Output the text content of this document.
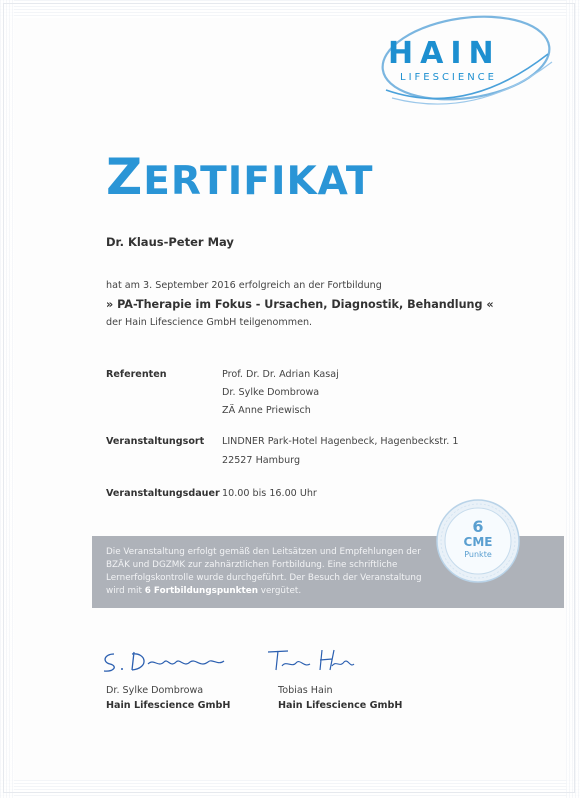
HAIN
LIFESCIENCE
ZERTIFIKAT
Dr. Klaus-Peter May
hat am 3. September 2016 erfolgreich an der Fortbildung
» PA-Therapie im Fokus - Ursachen, Diagnostik, Behandlung «
der Hain Lifescience GmbH teilgenommen.
Referenten	Prof. Dr. Dr. Adrian Kasaj
Dr. Sylke Dombrowa
ZÄ Anne Priewisch
Veranstaltungsort LINDNER Park-Hotel Hagenbeck, Hagenbeckstr. 1
22527 Hamburg
Veranstaltungsdauer 10.00 bis 16.00 Uhr
Die Veranstaltung erfolgt gemäß den Leitsätzen und Empfehlungen der BZÄK und DGZMK zur zahnärztlichen Fortbildung. Eine schriftliche Lernerfolgskontrolle wurde durchgeführt. Der Besuch der Veranstaltung wird mit 6 Fortbildungspunkten vergütet.
6
CME
Punkte
Dr. Sylke Dombrowa
Hain Lifescience GmbH
Tobias Hain
Hain Lifescience GmbH
